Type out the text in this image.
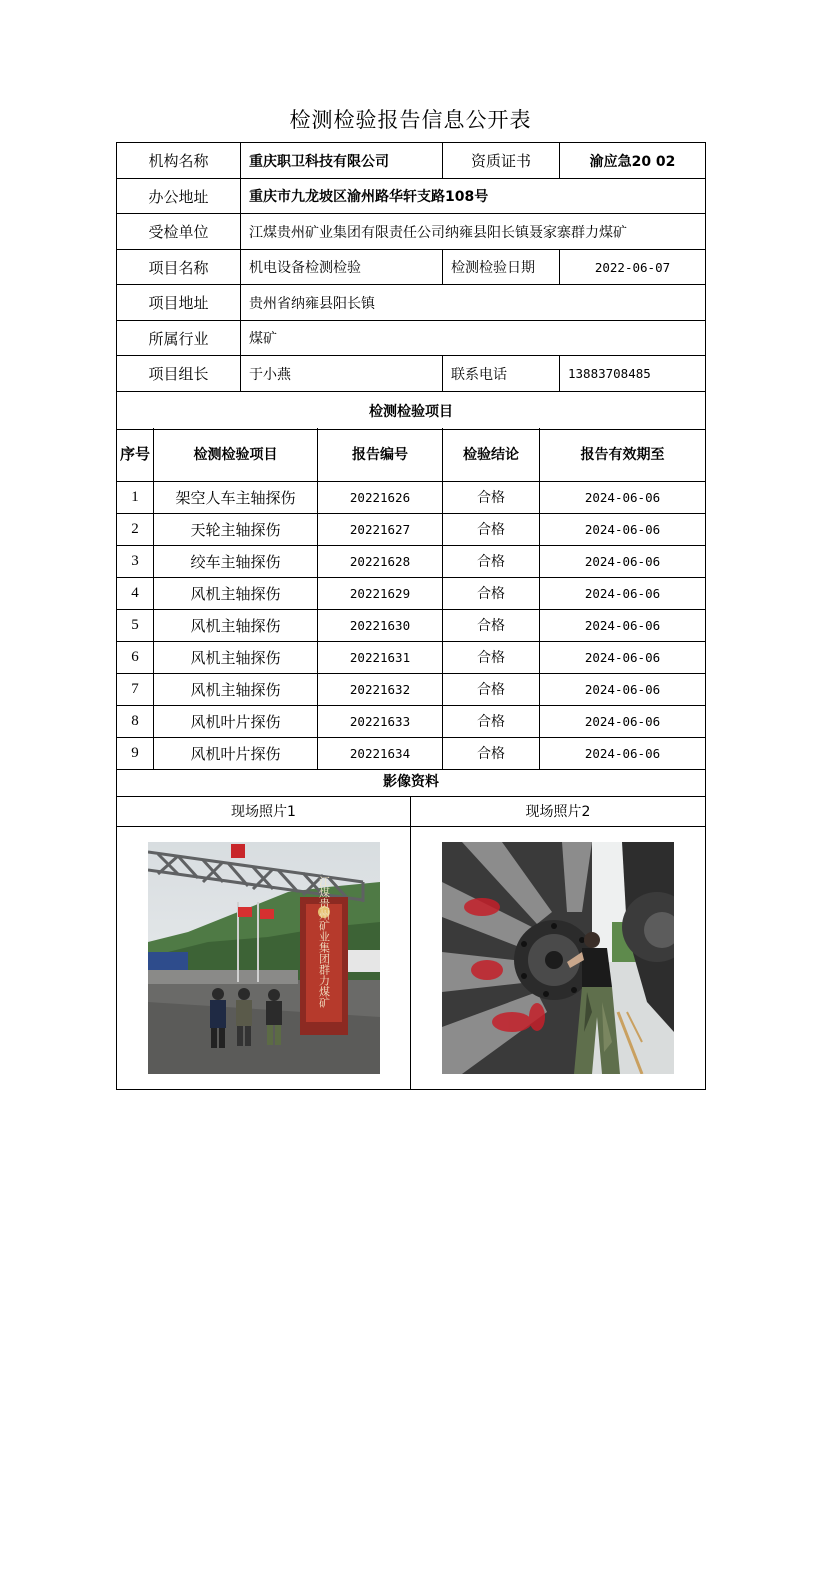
检测检验报告信息公开表
机构名称	重庆职卫科技有限公司	资质证书	渝应急20 02
办公地址	重庆市九龙坡区渝州路华轩支路108号		
受检单位	江煤贵州矿业集团有限责任公司纳雍县阳长镇聂家寨群力煤矿		
项目名称	机电设备检测检验	检测检验日期	2022-06-07
项目地址	贵州省纳雍县阳长镇		
所属行业	煤矿		
项目组长	于小燕	联系电话	13883708485
检测检验项目			
序号	检测检验项目	报告编号	检验结论	报告有效期至
1	架空人车主轴探伤	20221626	合格	2024-06-06
2	天轮主轴探伤	20221627	合格	2024-06-06
3	绞车主轴探伤	20221628	合格	2024-06-06
4	风机主轴探伤	20221629	合格	2024-06-06
5	风机主轴探伤	20221630	合格	2024-06-06
6	风机主轴探伤	20221631	合格	2024-06-06
7	风机主轴探伤	20221632	合格	2024-06-06
8	风机叶片探伤	20221633	合格	2024-06-06
9	风机叶片探伤	20221634	合格	2024-06-06
影像资料	
现场照片1	现场照片2

江煤贵州矿业集团群力煤矿
